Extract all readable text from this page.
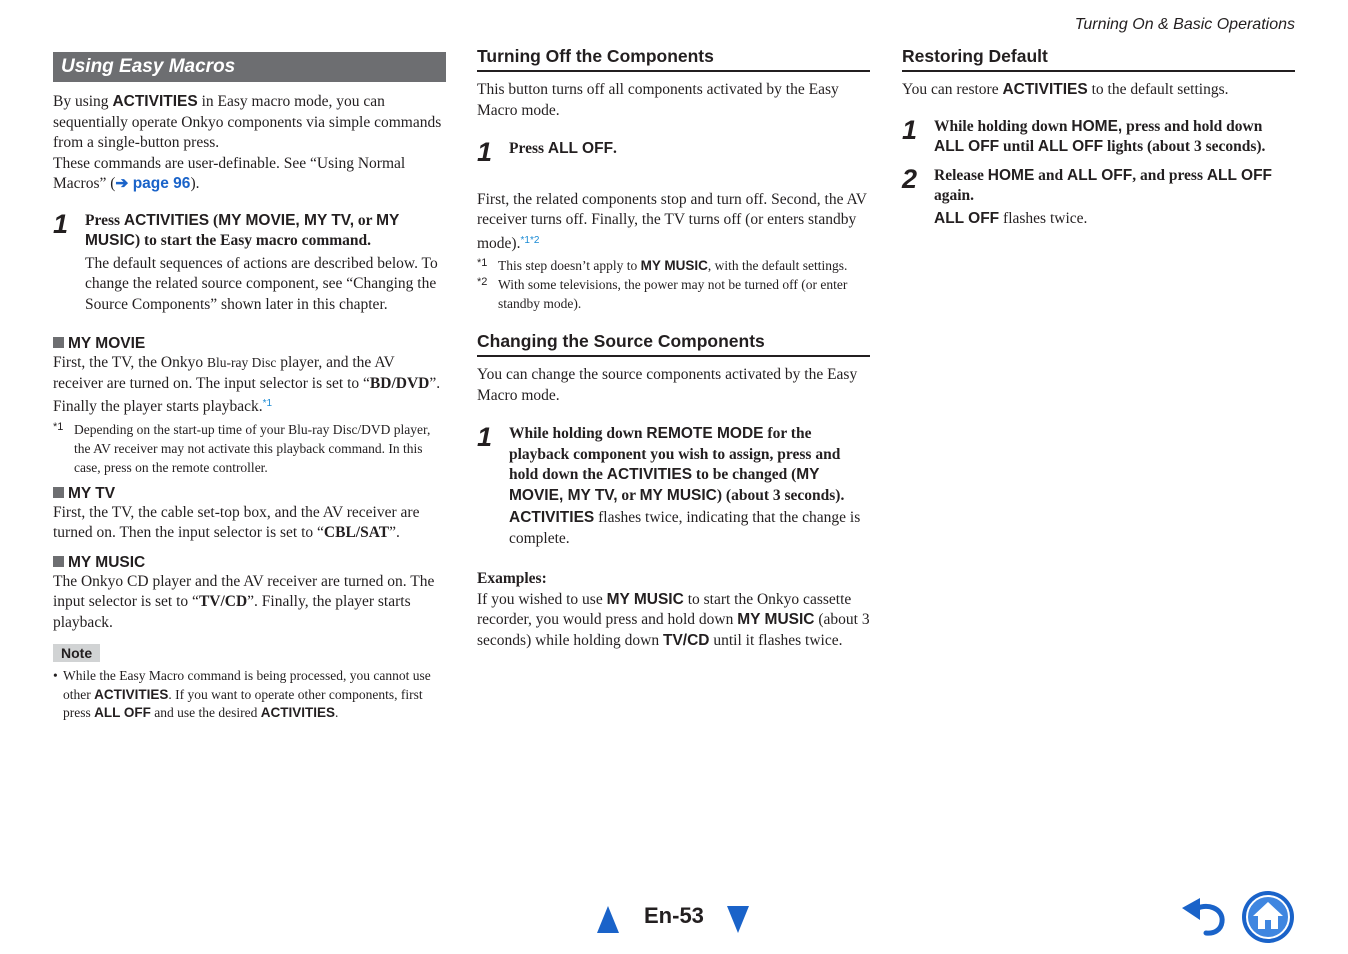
Turning On & Basic Operations
Using Easy Macros

By using ACTIVITIES in Easy macro mode, you can sequentially operate Onkyo components via simple commands from a single-button press.

These commands are user-definable. See “Using Normal Macros” (➔ page 96).

1 Press ACTIVITIES (MY MOVIE, MY TV, or MY MUSIC) to start the Easy macro command.

The default sequences of actions are described below. To change the related source component, see “Changing the Source Components” shown later in this chapter.

MY MOVIE

First, the TV, the Onkyo Blu-ray Disc player, and the AV receiver are turned on. The input selector is set to “BD/DVD”. Finally the player starts playback.$^{*1}$

*1 Depending on the start-up time of your Blu-ray Disc/DVD player, the AV receiver may not activate this playback command. In this case, press on the remote controller.
MY TV

First, the TV, the cable set-top box, and the AV receiver are turned on. Then the input selector is set to “CBL/SAT”.

MY MUSIC

The Onkyo CD player and the AV receiver are turned on. The input selector is set to “TV/CD”. Finally, the player starts playback.

Note
• While the Easy Macro command is being processed, you cannot use other ACTIVITIES. If you want to operate other components, first press ALL OFF and use the desired ACTIVITIES.
Turning Off the Components

This button turns off all components activated by the Easy Macro mode.

1 Press ALL OFF.

First, the related components stop and turn off. Second, the AV receiver turns off. Finally, the TV turns off (or enters standby mode).$^{*1*2}$

*1 This step doesn’t apply to MY MUSIC, with the default settings.
*2 With some televisions, the power may not be turned off (or enter standby mode).
Changing the Source Components

You can change the source components activated by the Easy Macro mode.

1 While holding down REMOTE MODE for the playback component you wish to assign, press and hold down the ACTIVITIES to be changed (MY MOVIE, MY TV, or MY MUSIC) (about 3 seconds).

ACTIVITIES flashes twice, indicating that the change is complete.

Examples:

If you wished to use MY MUSIC to start the Onkyo cassette recorder, you would press and hold down MY MUSIC (about 3 seconds) while holding down TV/CD until it flashes twice.

Restoring Default

You can restore ACTIVITIES to the default settings.

1 While holding down HOME, press and hold down ALL OFF until ALL OFF lights (about 3 seconds).

2 Release HOME and ALL OFF, and press ALL OFF again.

ALL OFF flashes twice.

En-53
